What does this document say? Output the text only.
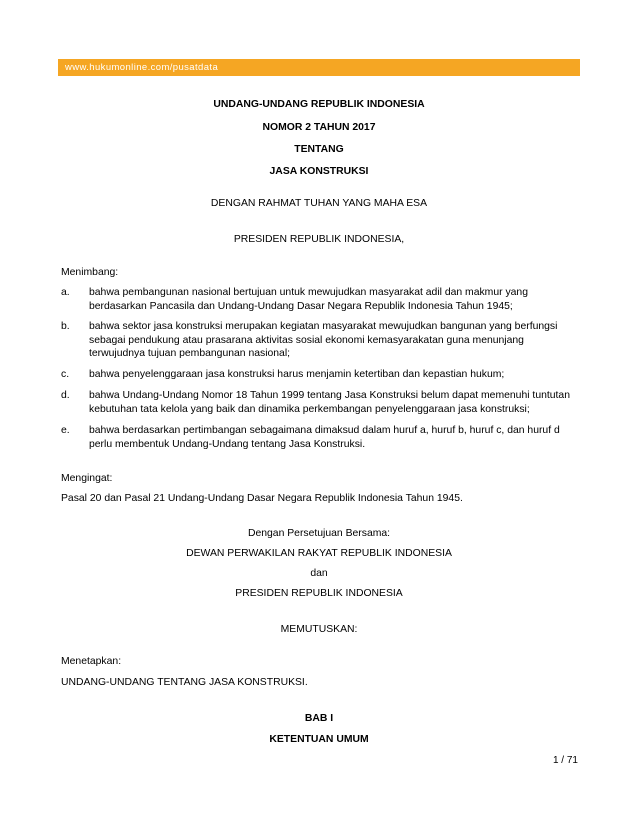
www.hukumonline.com/pusatdata
UNDANG-UNDANG REPUBLIK INDONESIA
NOMOR 2 TAHUN 2017
TENTANG
JASA KONSTRUKSI
DENGAN RAHMAT TUHAN YANG MAHA ESA
PRESIDEN REPUBLIK INDONESIA,
Menimbang:
a. bahwa pembangunan nasional bertujuan untuk mewujudkan masyarakat adil dan makmur yang
berdasarkan Pancasila dan Undang-Undang Dasar Negara Republik Indonesia Tahun 1945;
b. bahwa sektor jasa konstruksi merupakan kegiatan masyarakat mewujudkan bangunan yang berfungsi
sebagai pendukung atau prasarana aktivitas sosial ekonomi kemasyarakatan guna menunjang
terwujudnya tujuan pembangunan nasional;
c. bahwa penyelenggaraan jasa konstruksi harus menjamin ketertiban dan kepastian hukum;
d. bahwa Undang-Undang Nomor 18 Tahun 1999 tentang Jasa Konstruksi belum dapat memenuhi tuntutan
kebutuhan tata kelola yang baik dan dinamika perkembangan penyelenggaraan jasa konstruksi;
e. bahwa berdasarkan pertimbangan sebagaimana dimaksud dalam huruf a, huruf b, huruf c, dan huruf d
perlu membentuk Undang-Undang tentang Jasa Konstruksi.
Mengingat:
Pasal 20 dan Pasal 21 Undang-Undang Dasar Negara Republik Indonesia Tahun 1945.
Dengan Persetujuan Bersama:
DEWAN PERWAKILAN RAKYAT REPUBLIK INDONESIA
dan
PRESIDEN REPUBLIK INDONESIA
MEMUTUSKAN:
Menetapkan:
UNDANG-UNDANG TENTANG JASA KONSTRUKSI.
BAB I
KETENTUAN UMUM
1 / 71
